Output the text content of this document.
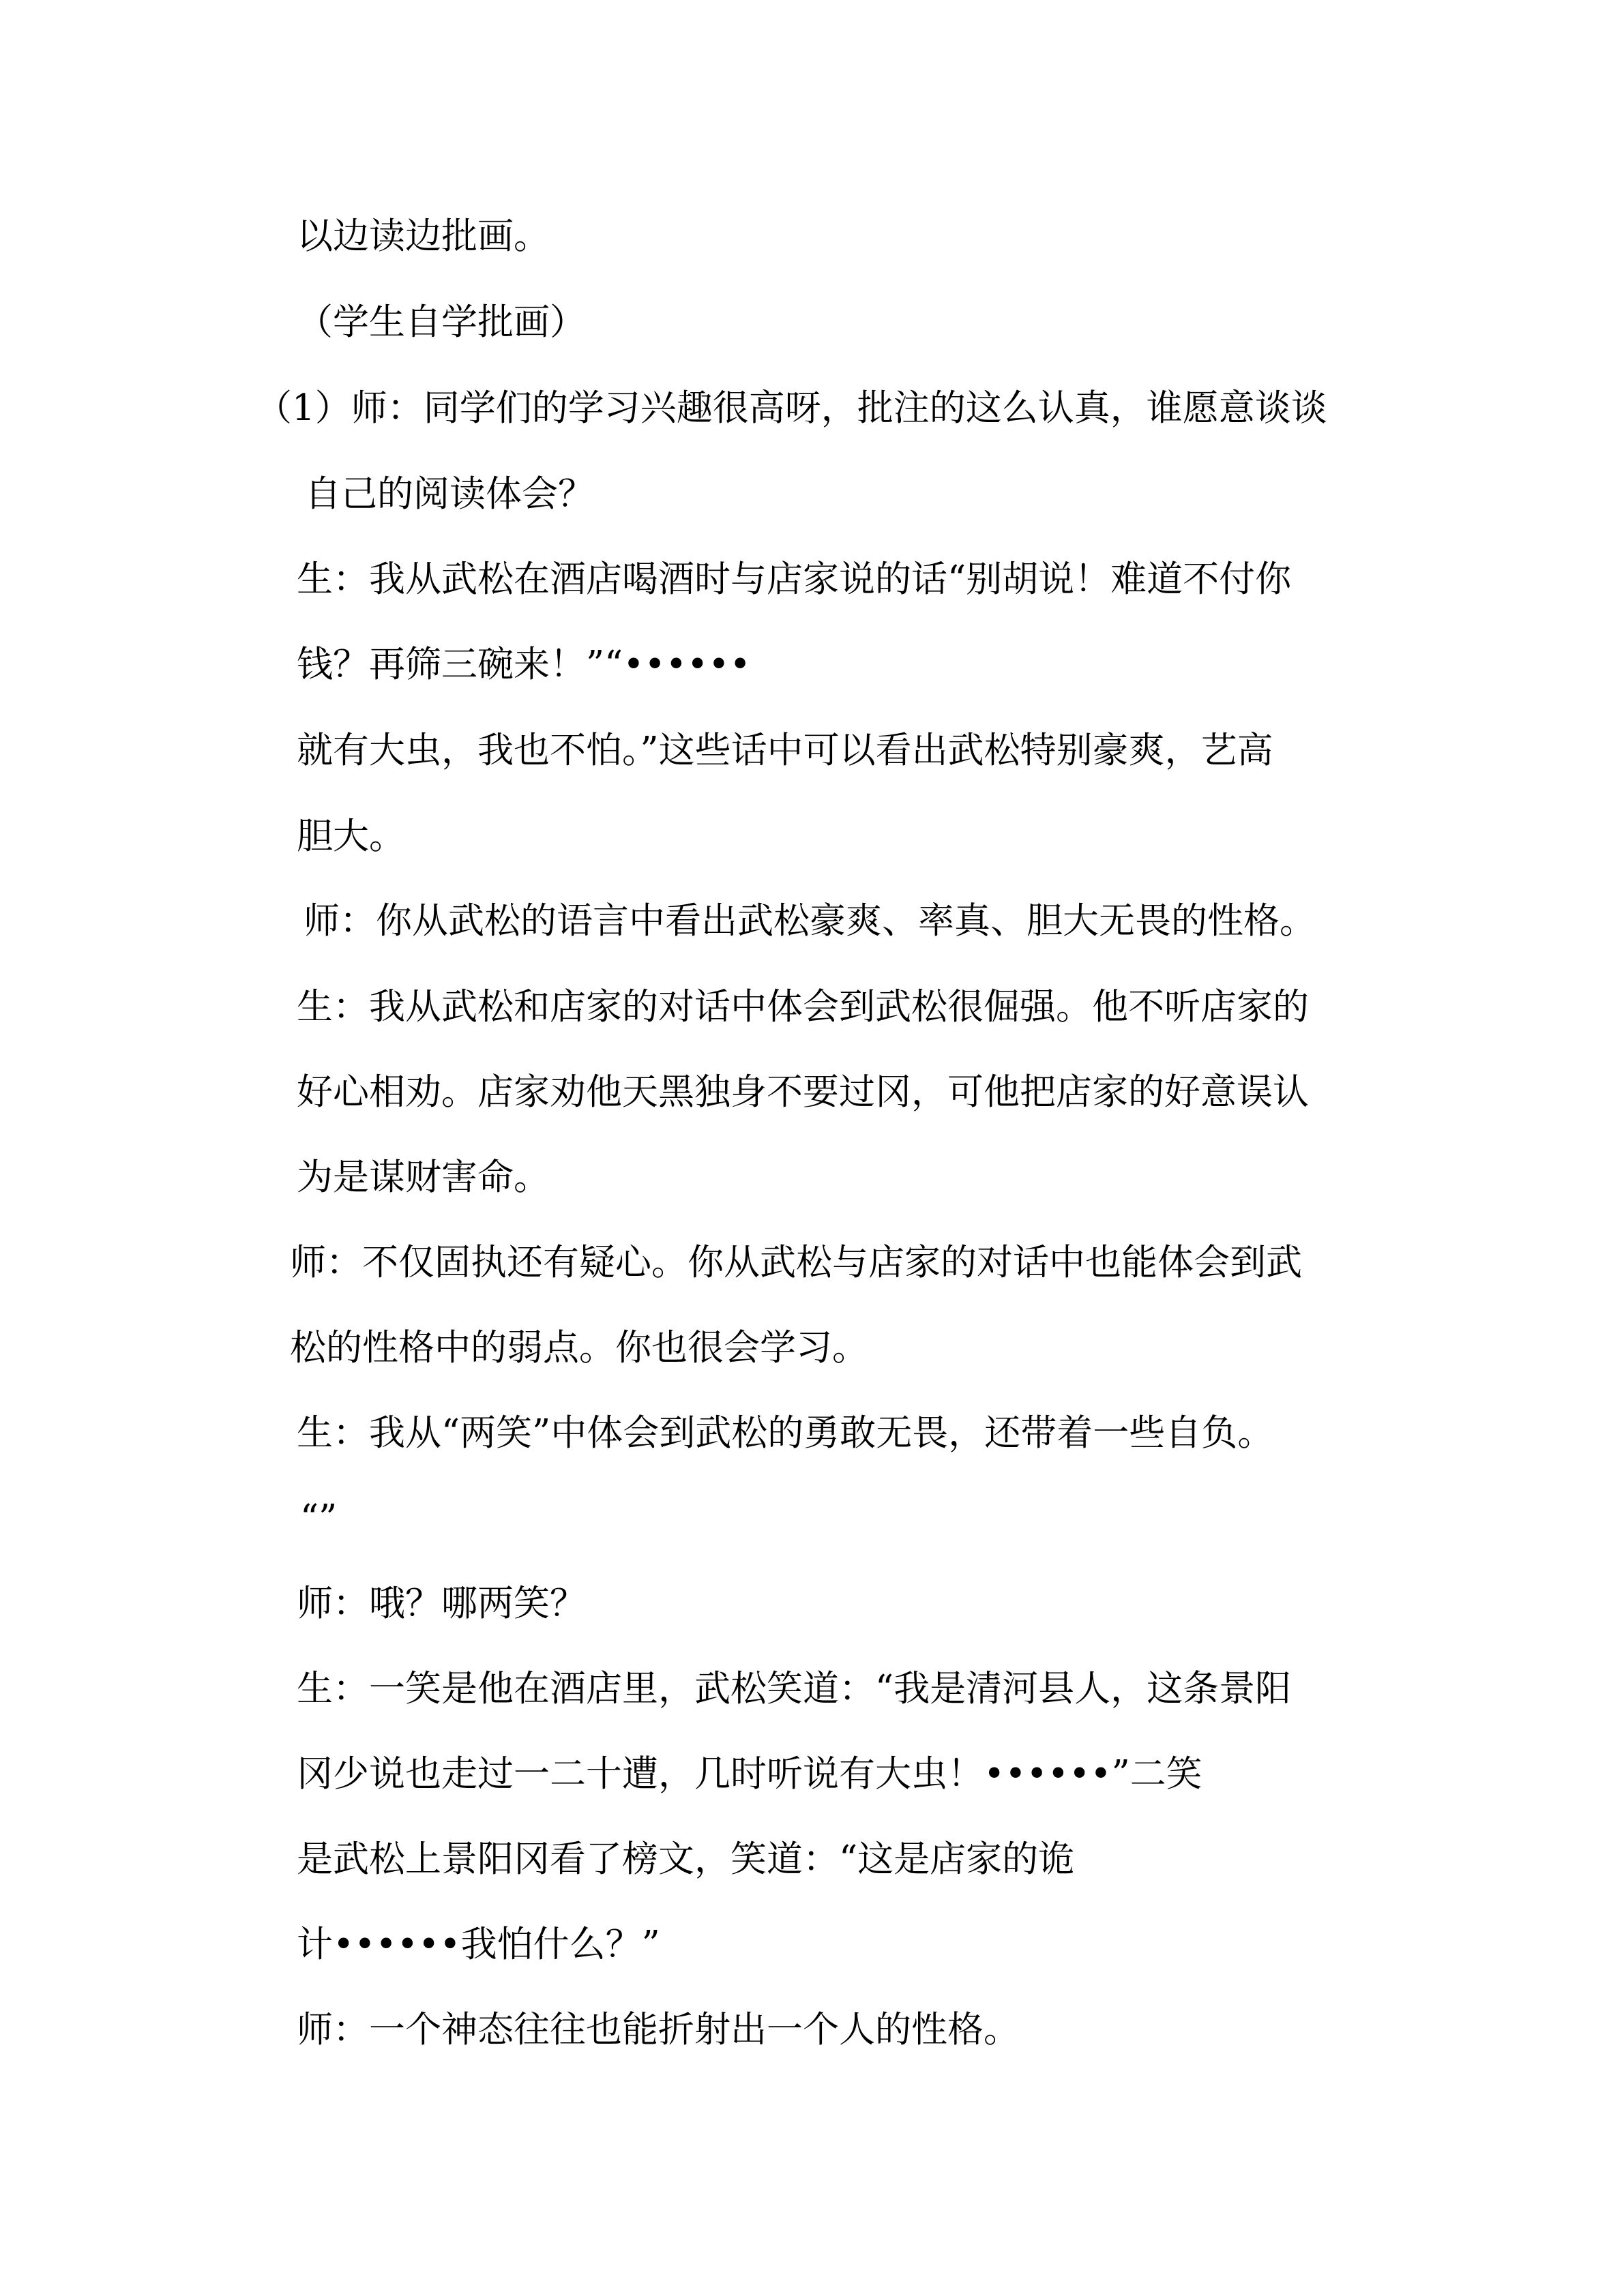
以边读边批画。
（学生自学批画）
（1）师：同学们的学习兴趣很高呀，批注的这么认真，谁愿意谈谈
自己的阅读体会？
生：我从武松在酒店喝酒时与店家说的话“别胡说！难道不付你
钱？再筛三碗来！”“••••••
就有大虫，我也不怕。”这些话中可以看出武松特别豪爽，艺高
胆大。
师：你从武松的语言中看出武松豪爽、率真、胆大无畏的性格。
生：我从武松和店家的对话中体会到武松很倔强。他不听店家的
好心相劝。店家劝他天黑独身不要过冈，可他把店家的好意误认
为是谋财害命。
师：不仅固执还有疑心。你从武松与店家的对话中也能体会到武
松的性格中的弱点。你也很会学习。
生：我从“两笑”中体会到武松的勇敢无畏，还带着一些自负。
“”
师：哦？哪两笑？
生：一笑是他在酒店里，武松笑道：“我是清河县人，这条景阳
冈少说也走过一二十遭，几时听说有大虫！••••••”二笑
是武松上景阳冈看了榜文，笑道：“这是店家的诡
计••••••我怕什么？”
师：一个神态往往也能折射出一个人的性格。
